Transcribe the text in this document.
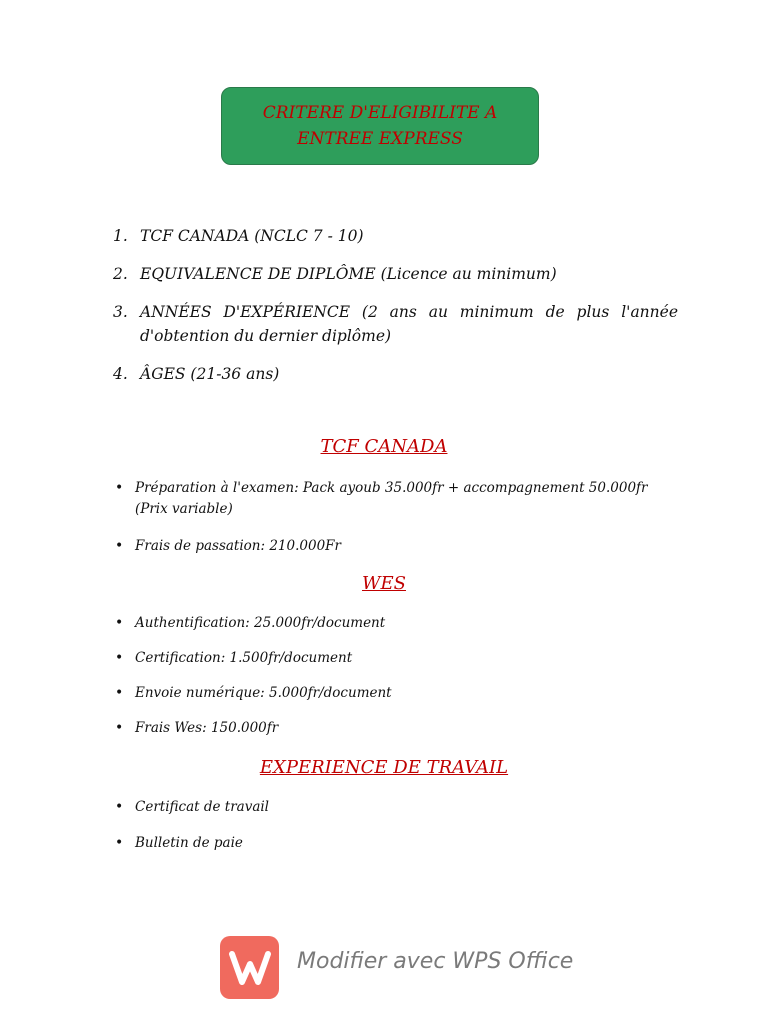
CRITERE D'ELIGIBILITE A
ENTREE EXPRESS
1. TCF CANADA (NCLC 7 - 10)
2. EQUIVALENCE DE DIPLÔME (Licence au minimum)
3. ANNÉES D'EXPÉRIENCE (2 ans au minimum de plus l'année d'obtention du dernier diplôme)
4. ÂGES (21-36 ans)
TCF CANADA
• Préparation à l'examen: Pack ayoub 35.000fr + accompagnement 50.000fr (Prix variable)
• Frais de passation: 210.000Fr
WES
• Authentification: 25.000fr/document
• Certification: 1.500fr/document
• Envoie numérique: 5.000fr/document
• Frais Wes: 150.000fr
EXPERIENCE DE TRAVAIL
• Certificat de travail
• Bulletin de paie
Modifier avec WPS Office
